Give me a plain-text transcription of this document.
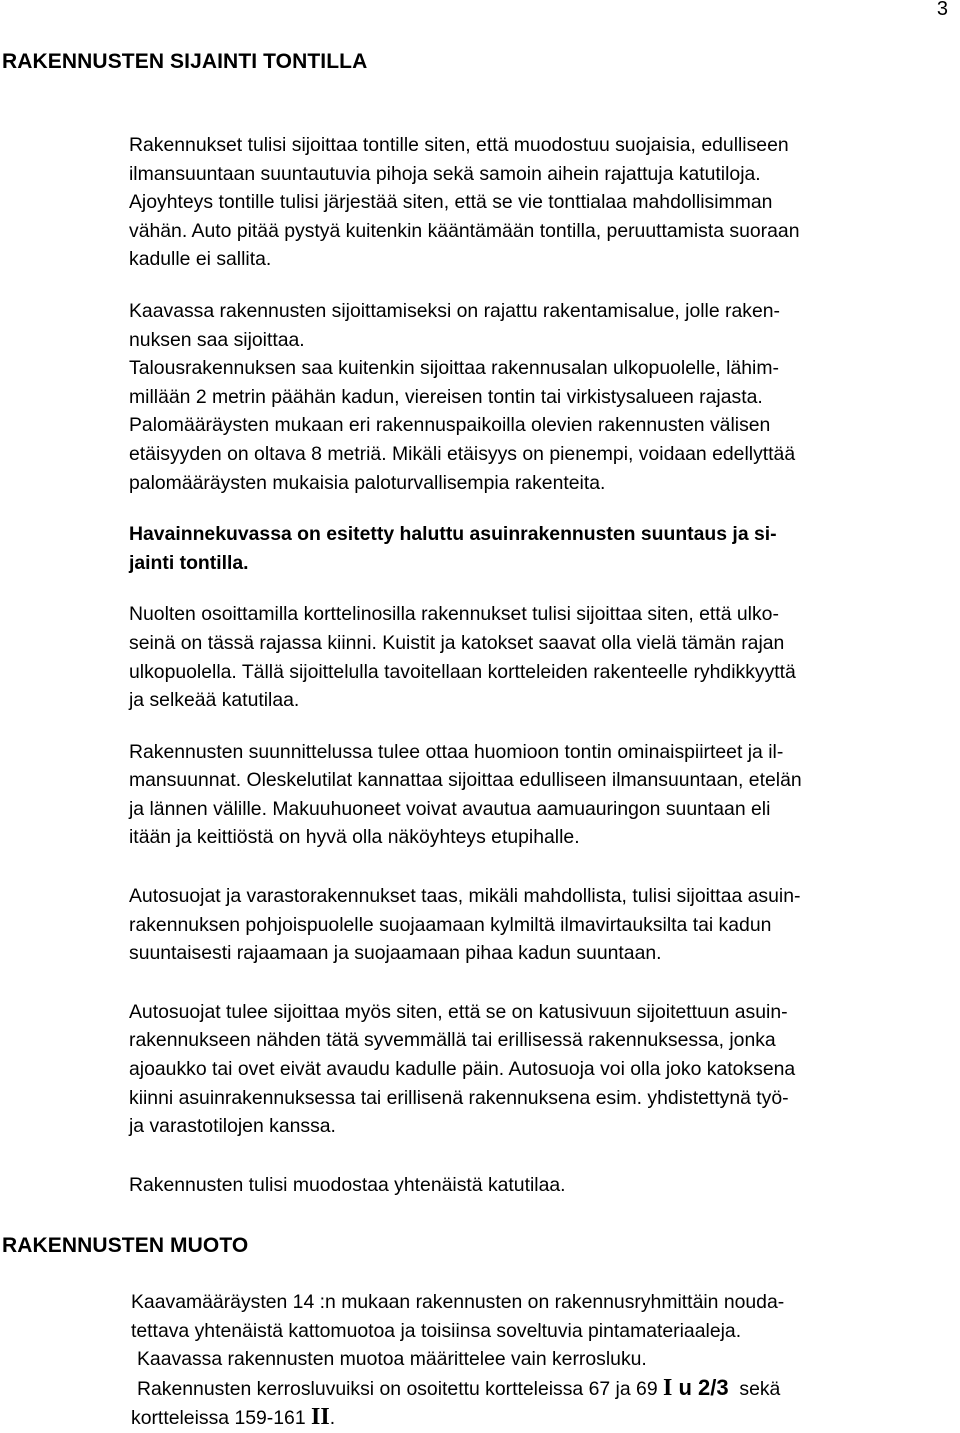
3
RAKENNUSTEN SIJAINTI TONTILLA
Rakennukset tulisi sijoittaa tontille siten, että muodostuu suojaisia, edulliseen
ilmansuuntaan suuntautuvia pihoja sekä samoin aihein rajattuja katutiloja.
Ajoyhteys tontille tulisi järjestää siten, että se vie tonttialaa mahdollisimman
vähän. Auto pitää pystyä kuitenkin kääntämään tontilla, peruuttamista suoraan
kadulle ei sallita.
Kaavassa rakennusten sijoittamiseksi on rajattu rakentamisalue, jolle raken-
nuksen saa sijoittaa.
Talousrakennuksen saa kuitenkin sijoittaa rakennusalan ulkopuolelle, lähim-
millään 2 metrin päähän kadun, viereisen tontin tai virkistysalueen rajasta.
Palomääräysten mukaan eri rakennuspaikoilla olevien rakennusten välisen
etäisyyden on oltava 8 metriä. Mikäli etäisyys on pienempi, voidaan edellyttää
palomääräysten mukaisia paloturvallisempia rakenteita.
Havainnekuvassa on esitetty haluttu asuinrakennusten suuntaus ja si-
jainti tontilla.
Nuolten osoittamilla korttelinosilla rakennukset tulisi sijoittaa siten, että ulko-
seinä on tässä rajassa kiinni. Kuistit ja katokset saavat olla vielä tämän rajan
ulkopuolella. Tällä sijoittelulla tavoitellaan kortteleiden rakenteelle ryhdikkyyttä
ja selkeää katutilaa.
Rakennusten suunnittelussa tulee ottaa huomioon tontin ominaispiirteet ja il-
mansuunnat. Oleskelutilat kannattaa sijoittaa edulliseen ilmansuuntaan, etelän
ja lännen välille. Makuuhuoneet voivat avautua aamuauringon suuntaan eli
itään ja keittiöstä on hyvä olla näköyhteys etupihalle.
Autosuojat ja varastorakennukset taas, mikäli mahdollista, tulisi sijoittaa asuin-
rakennuksen pohjoispuolelle suojaamaan kylmiltä ilmavirtauksilta tai kadun
suuntaisesti rajaamaan ja suojaamaan pihaa kadun suuntaan.
Autosuojat tulee sijoittaa myös siten, että se on katusivuun sijoitettuun asuin-
rakennukseen nähden tätä syvemmällä tai erillisessä rakennuksessa, jonka
ajoaukko tai ovet eivät avaudu kadulle päin. Autosuoja voi olla joko katoksena
kiinni asuinrakennuksessa tai erillisenä rakennuksena esim. yhdistettynä työ-
ja varastotilojen kanssa.
Rakennusten tulisi muodostaa yhtenäistä katutilaa.
RAKENNUSTEN MUOTO
Kaavamääräysten 14 :n mukaan rakennusten on rakennusryhmittäin noudа-
tettava yhtenäistä kattomuotoa ja toisiinsa soveltuvia pintamateriaaleja.
Kaavassa rakennusten muotoa määrittelee vain kerrosluku.
Rakennusten kerrosluvuiksi on osoitettu kortteleissa 67 ja 69 I u 2/3  sekä
kortteleissa 159-161 II.
